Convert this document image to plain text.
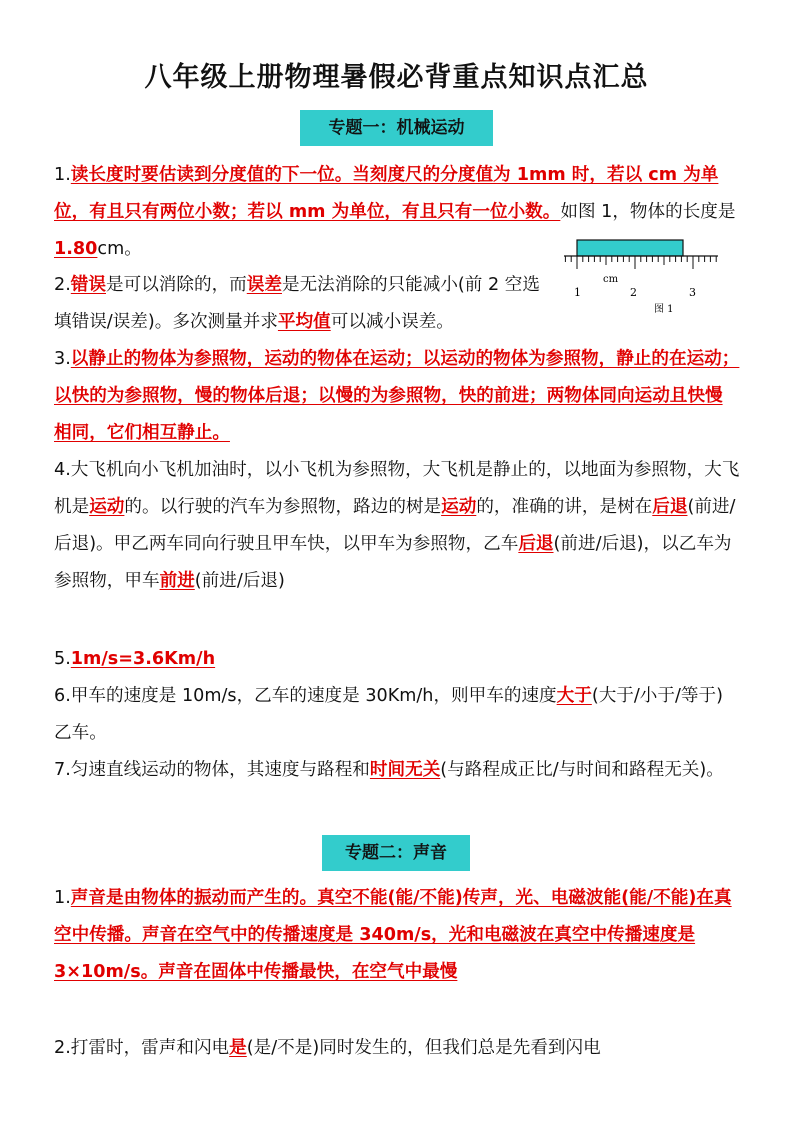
八年级上册物理暑假必背重点知识点汇总
专题一：机械运动
1.读长度时要估读到分度值的下一位。当刻度尺的分度值为 1mm 时，若以 cm 为单位，有且只有两位小数；若以 mm 为单位，有且只有一位小数。如图 1，物体的长度是 1.80cm。
2.错误是可以消除的，而误差是无法消除的只能减小(前 2 空选填错误/误差)。多次测量并求平均值可以减小误差。
cm
1	2	3
图 1
3.以静止的物体为参照物，运动的物体在运动；以运动的物体为参照物，静止的在运动；以快的为参照物，慢的物体后退；以慢的为参照物，快的前进；两物体同向运动且快慢相同，它们相互静止。
4.大飞机向小飞机加油时，以小飞机为参照物，大飞机是静止的，以地面为参照物，大飞机是运动的。以行驶的汽车为参照物，路边的树是运动的，准确的讲，是树在后退(前进/后退)。甲乙两车同向行驶且甲车快，以甲车为参照物，乙车后退(前进/后退)，以乙车为参照物，甲车前进(前进/后退)
5.1m/s=3.6Km/h
6.甲车的速度是 10m/s，乙车的速度是 30Km/h，则甲车的速度大于(大于/小于/等于)乙车。
7.匀速直线运动的物体，其速度与路程和时间无关(与路程成正比/与时间和路程无关)。
专题二：声音
1.声音是由物体的振动而产生的。真空不能(能/不能)传声，光、电磁波能(能/不能)在真空中传播。声音在空气中的传播速度是 340m/s，光和电磁波在真空中传播速度是 3×10m/s。声音在固体中传播最快，在空气中最慢
2.打雷时，雷声和闪电是(是/不是)同时发生的，但我们总是先看到闪电
